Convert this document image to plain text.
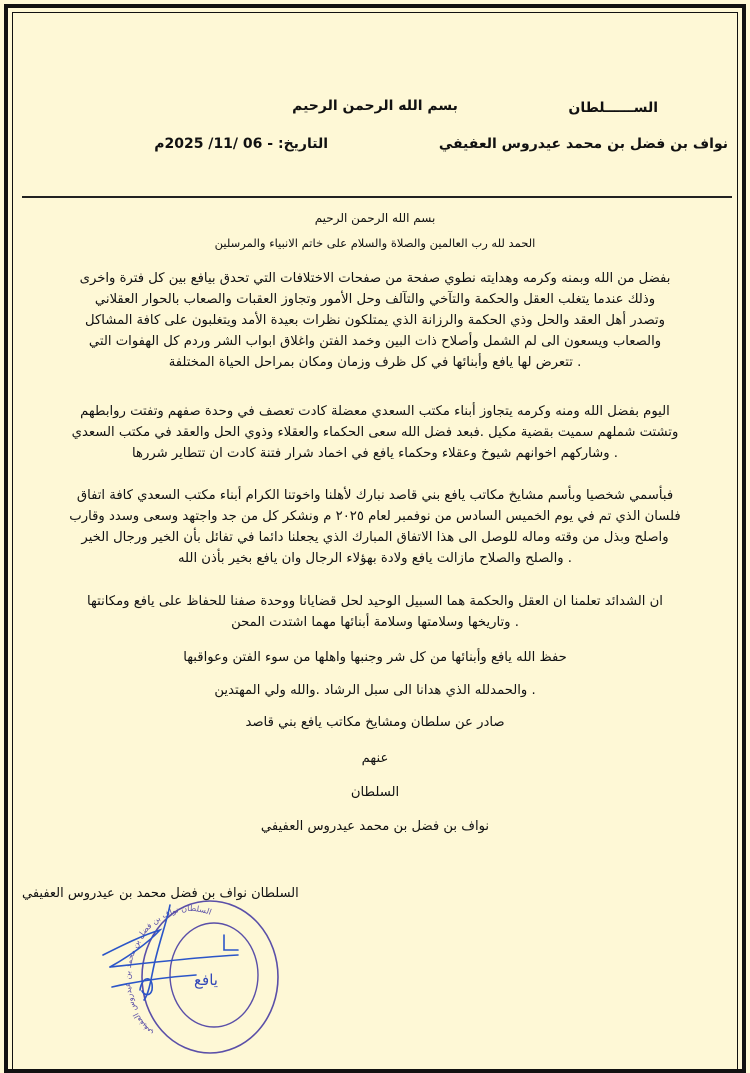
بسم الله الرحمن الرحيم	الســــــلطان
نواف بن فضل بن محمد عيدروس العفيفي
التاريخ: - 06 /11/ 2025م
بسم الله الرحمن الرحيم
الحمد لله رب العالمين والصلاة والسلام على خاتم الانبياء والمرسلين
بفضل من الله وبمنه وكرمه وهدايته نطوي صفحة من صفحات الاختلافات التي تحدق بيافع بين كل فترة واخرى
وذلك عندما يتغلب العقل والحكمة والتآخي والتآلف وحل الأمور وتجاوز العقبات والصعاب بالحوار العقلاني
وتصدر أهل العقد والحل وذي الحكمة والرزانة الذي يمتلكون نظرات بعيدة الأمد ويتغلبون على كافة المشاكل
والصعاب ويسعون الى لم الشمل وأصلاح ذات البين وخمد الفتن واغلاق ابواب الشر وردم كل الهفوات التي
. تتعرض لها يافع وأبنائها في كل ظرف وزمان ومكان بمراحل الحياة المختلفة
اليوم بفضل الله ومنه وكرمه يتجاوز أبناء مكتب السعدي معضلة كادت تعصف في وحدة صفهم وتفتت روابطهم
وتشتت شملهم سميت بقضية مكيل .فبعد فضل الله سعى الحكماء والعقلاء وذوي الحل والعقد في مكتب السعدي
. وشاركهم اخوانهم شيوخ وعقلاء وحكماء يافع في اخماد شرار فتنة كادت ان تتطاير شررها
فبأسمي شخصيا وبأسم مشايخ مكاتب يافع بني قاصد نبارك لأهلنا واخوتنا الكرام أبناء مكتب السعدي كافة اتفاق
فلسان الذي تم في يوم الخميس السادس من نوفمبر لعام ٢٠٢٥ م ونشكر كل من جد واجتهد وسعى وسدد وقارب
واصلح وبذل من وقته وماله للوصل الى هذا الاتفاق المبارك الذي يجعلنا دائما في تفائل بأن الخير ورجال الخير
. والصلح والصلاح مازالت يافع ولادة بهؤلاء الرجال وان يافع بخير بأذن الله
ان الشدائد تعلمنا ان العقل والحكمة هما السبيل الوحيد لحل قضايانا ووحدة صفنا للحفاظ على يافع ومكانتها
. وتاريخها وسلامتها وسلامة أبنائها مهما اشتدت المحن
حفظ الله يافع وأبنائها من كل شر وجنبها واهلها من سوء الفتن وعواقبها
. والحمدلله الذي هدانا الى سبل الرشاد .والله ولي المهتدين
صادر عن سلطان ومشايخ مكاتب يافع بني قاصد
عنهم
السلطان
نواف بن فضل بن محمد عيدروس العفيفي
السلطان نواف بن فضل محمد بن عيدروس العفيفي
السلطان نواف بن فضل بن محمد بن عيدروس العفيفي
يافع
